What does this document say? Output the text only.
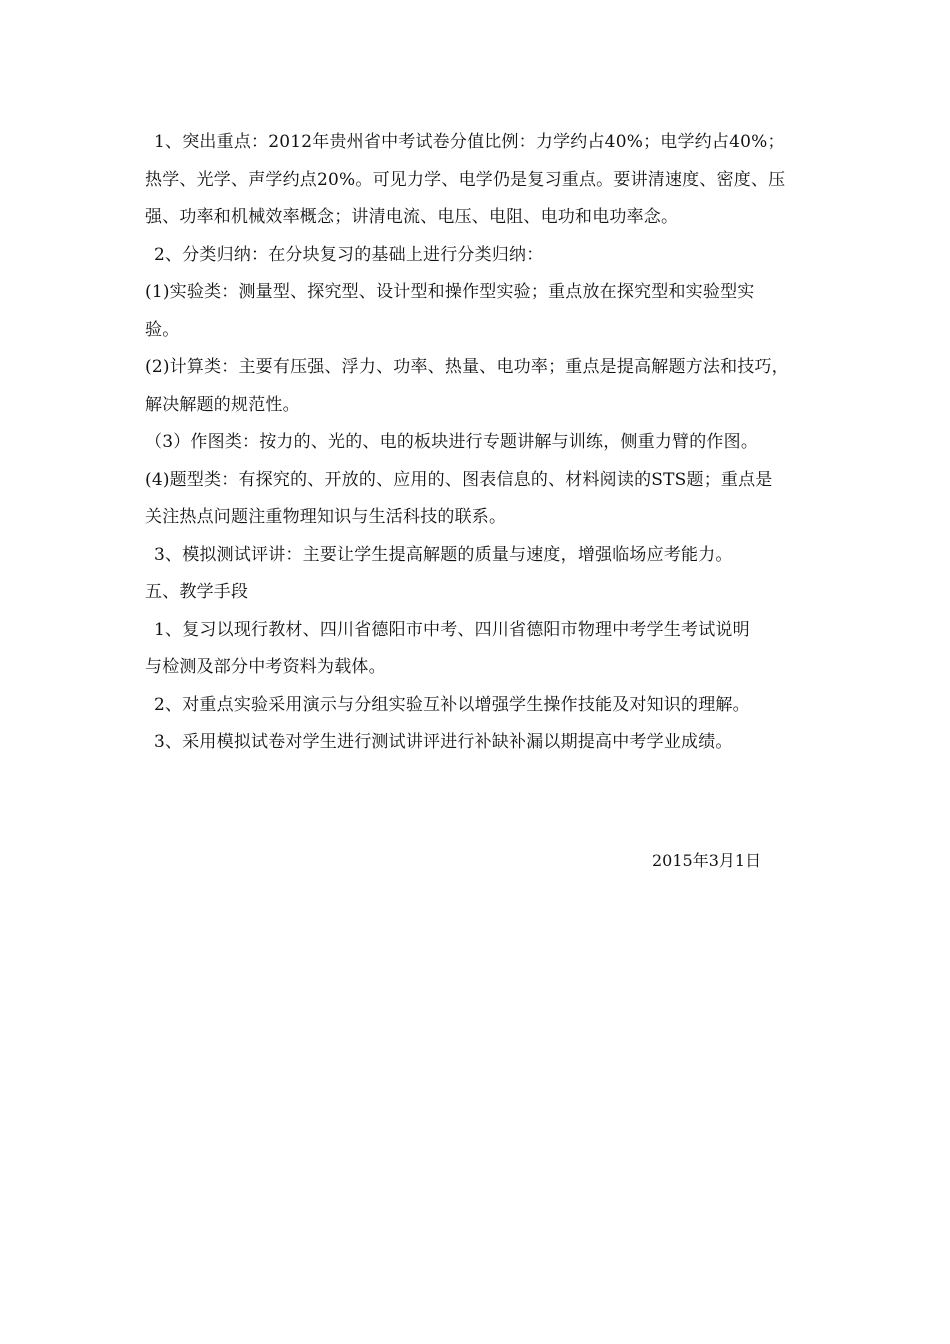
1、突出重点：2012年贵州省中考试卷分值比例：力学约占40%；电学约占40%；
热学、光学、声学约点20%。可见力学、电学仍是复习重点。要讲清速度、密度、压
强、功率和机械效率概念；讲清电流、电压、电阻、电功和电功率念。
2、分类归纳：在分块复习的基础上进行分类归纳：
(1)实验类：测量型、探究型、设计型和操作型实验；重点放在探究型和实验型实
验。
(2)计算类：主要有压强、浮力、功率、热量、电功率；重点是提高解题方法和技巧，
解决解题的规范性。
（3）作图类：按力的、光的、电的板块进行专题讲解与训练，侧重力臂的作图。
(4)题型类：有探究的、开放的、应用的、图表信息的、材料阅读的STS题；重点是
关注热点问题注重物理知识与生活科技的联系。
3、模拟测试评讲：主要让学生提高解题的质量与速度，增强临场应考能力。
五、教学手段
1、复习以现行教材、四川省德阳市中考、四川省德阳市物理中考学生考试说明
与检测及部分中考资料为载体。
2、对重点实验采用演示与分组实验互补以增强学生操作技能及对知识的理解。
3、采用模拟试卷对学生进行测试讲评进行补缺补漏以期提高中考学业成绩。
2015年3月1日
